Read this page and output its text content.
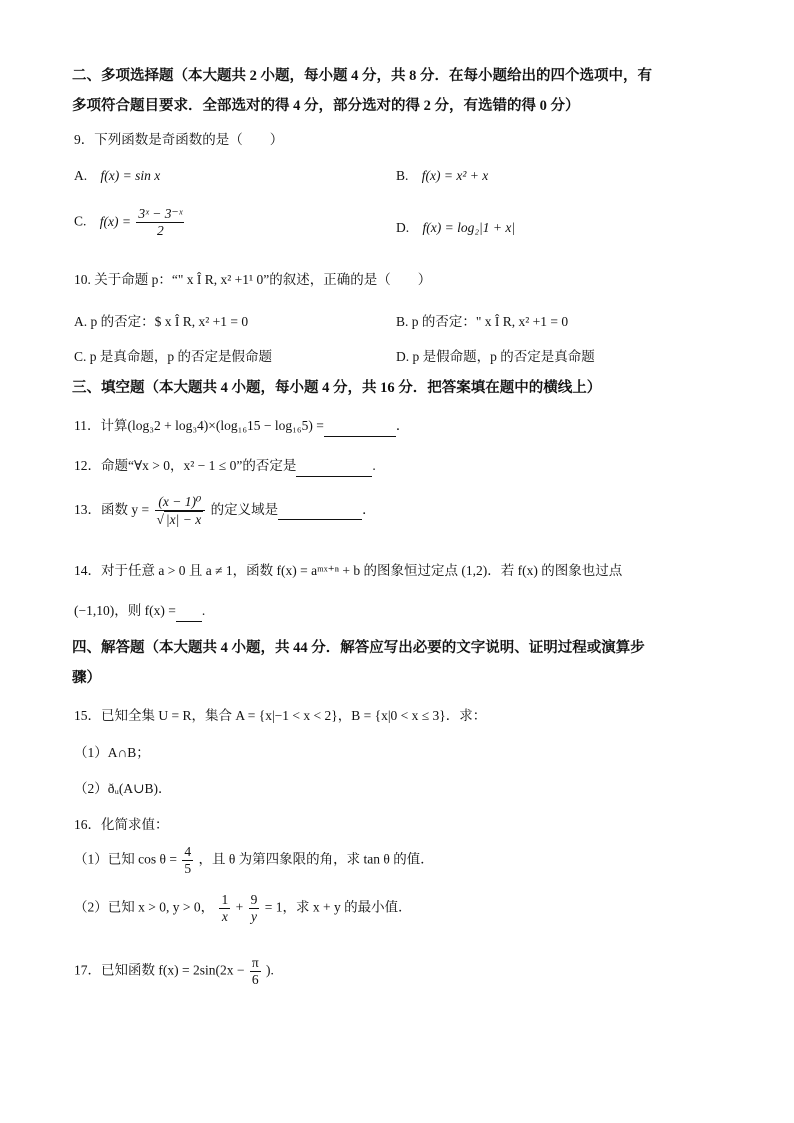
二、多项选择题（本大题共 2 小题，每小题 4 分，共 8 分．在每小题给出的四个选项中，有
多项符合题目要求．全部选对的得 4 分，部分选对的得 2 分，有选错的得 0 分）
9．下列函数是奇函数的是（　　）
A. f(x) = sin x	B. f(x) = x² + x
C. $f(x) = \frac{\text{3ˣ − 3⁻ˣ}}{2}$	D. f(x) = log₂|1 + x|
10. 关于命题 p：“" x Î R, x² +1¹ 0”的叙述，正确的是（　　）
A. p 的否定：$ x Î R, x² +1 = 0	B. p 的否定：" x Î R, x² +1 = 0
C. p 是真命题，p 的否定是假命题	D. p 是假命题，p 的否定是真命题
三、填空题（本大题共 4 小题，每小题 4 分，共 16 分．把答案填在题中的横线上）
11．计算(log₃2 + log₃4)×(log₁₆15 − log₁₆5) =	．
12．命题“∀x > 0，x² − 1 ≤ 0”的否定是	.
13．函数 $y = \frac{\text{(x − 1)⁰}}{√ |x| - x}$ 的定义域是	．
14．对于任意 a > 0 且 a ≠ 1，函数 f(x) = aᵐˣ⁺ⁿ + b 的图象恒过定点 (1,2)．若 f(x) 的图象也过点
(−1,10)，则 f(x) = .
四、解答题（本大题共 4 小题，共 44 分．解答应写出必要的文字说明、证明过程或演算步
骤）
15．已知全集 U = R，集合 A = {x|−1 < x < 2}，B = {x|0 < x ≤ 3}．求：
（1）A∩B；
（2）ðᵤ(A∪B)．
16．化简求值：
（1）已知 $\cos \theta = \frac{4}{5}$ ，且 θ 为第四象限的角，求 tan θ 的值．
（2）已知 x > 0, y > 0， $\frac{1}{x} + \frac{9}{y} = 1$，求 x + y 的最小值．
17．已知函数 $f(x) = 2\sin(2x - \frac{\pi}{6}$ ).
